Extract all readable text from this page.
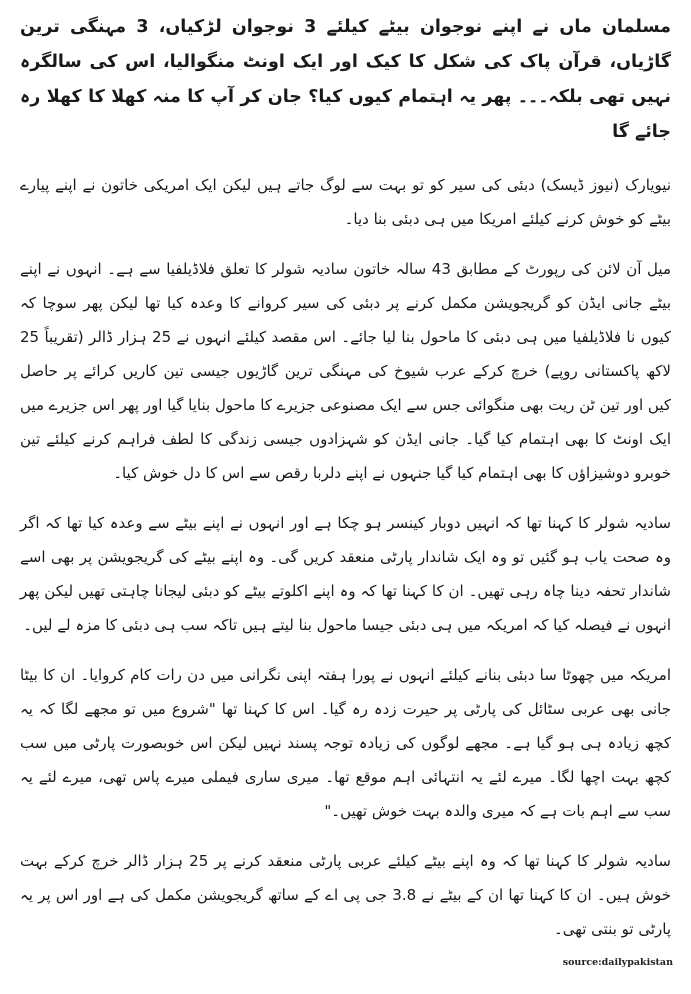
مسلمان ماں نے اپنے نوجوان بیٹے کیلئے 3 نوجوان لڑکیاں، 3 مہنگی ترین گاڑیاں، قرآن پاک کی شکل کا کیک اور ایک اونٹ منگوالیا، اس کی سالگرہ نہیں تھی بلکہ۔۔۔ پھر یہ اہتمام کیوں کیا؟ جان کر آپ کا منہ کھلا کا کھلا رہ جائے گا
نیویارک (نیوز ڈیسک) دبئی کی سیر کو تو بہت سے لوگ جاتے ہیں لیکن ایک امریکی خاتون نے اپنے پیارے بیٹے کو خوش کرنے کیلئے امریکا میں ہی دبئی بنا دیا۔
میل آن لائن کی رپورٹ کے مطابق 43 سالہ خاتون سادیہ شولر کا تعلق فلاڈیلفیا سے ہے۔ انہوں نے اپنے بیٹے جانی ایڈن کو گریجویشن مکمل کرنے پر دبئی کی سیر کروانے کا وعدہ کیا تھا لیکن پھر سوچا کہ کیوں نا فلاڈیلفیا میں ہی دبئی کا ماحول بنا لیا جائے۔ اس مقصد کیلئے انہوں نے 25 ہزار ڈالر (تقریباً 25 لاکھ پاکستانی روپے) خرچ کرکے عرب شیوخ کی مہنگی ترین گاڑیوں جیسی تین کاریں کرائے پر حاصل کیں اور تین ٹن ریت بھی منگوائی جس سے ایک مصنوعی جزیرے کا ماحول بنایا گیا اور پھر اس جزیرے میں ایک اونٹ کا بھی اہتمام کیا گیا۔ جانی ایڈن کو شہزادوں جیسی زندگی کا لطف فراہم کرنے کیلئے تین خوبرو دوشیزاؤں کا بھی اہتمام کیا گیا جنہوں نے اپنے دلربا رقص سے اس کا دل خوش کیا۔
سادیہ شولر کا کہنا تھا کہ انہیں دوبار کینسر ہو چکا ہے اور انہوں نے اپنے بیٹے سے وعدہ کیا تھا کہ اگر وہ صحت یاب ہو گئیں تو وہ ایک شاندار پارٹی منعقد کریں گی۔ وہ اپنے بیٹے کی گریجویشن پر بھی اسے شاندار تحفہ دینا چاہ رہی تھیں۔ ان کا کہنا تھا کہ وہ اپنے اکلوتے بیٹے کو دبئی لیجانا چاہتی تھیں لیکن پھر انہوں نے فیصلہ کیا کہ امریکہ میں ہی دبئی جیسا ماحول بنا لیتے ہیں تاکہ سب ہی دبئی کا مزہ لے لیں۔
امریکہ میں چھوٹا سا دبئی بنانے کیلئے انہوں نے پورا ہفتہ اپنی نگرانی میں دن رات کام کروایا۔ ان کا بیٹا جانی بھی عربی سٹائل کی پارٹی پر حیرت زدہ رہ گیا۔ اس کا کہنا تھا "شروع میں تو مجھے لگا کہ یہ کچھ زیادہ ہی ہو گیا ہے۔ مجھے لوگوں کی زیادہ توجہ پسند نہیں لیکن اس خوبصورت پارٹی میں سب کچھ بہت اچھا لگا۔ میرے لئے یہ انتہائی اہم موقع تھا۔ میری ساری فیملی میرے پاس تھی، میرے لئے یہ سب سے اہم بات ہے کہ میری والدہ بہت خوش تھیں۔"
سادیہ شولر کا کہنا تھا کہ وہ اپنے بیٹے کیلئے عربی پارٹی منعقد کرنے پر 25 ہزار ڈالر خرچ کرکے بہت خوش ہیں۔ ان کا کہنا تھا ان کے بیٹے نے 3.8 جی پی اے کے ساتھ گریجویشن مکمل کی ہے اور اس پر یہ پارٹی تو بنتی تھی۔
source:dailypakistan
